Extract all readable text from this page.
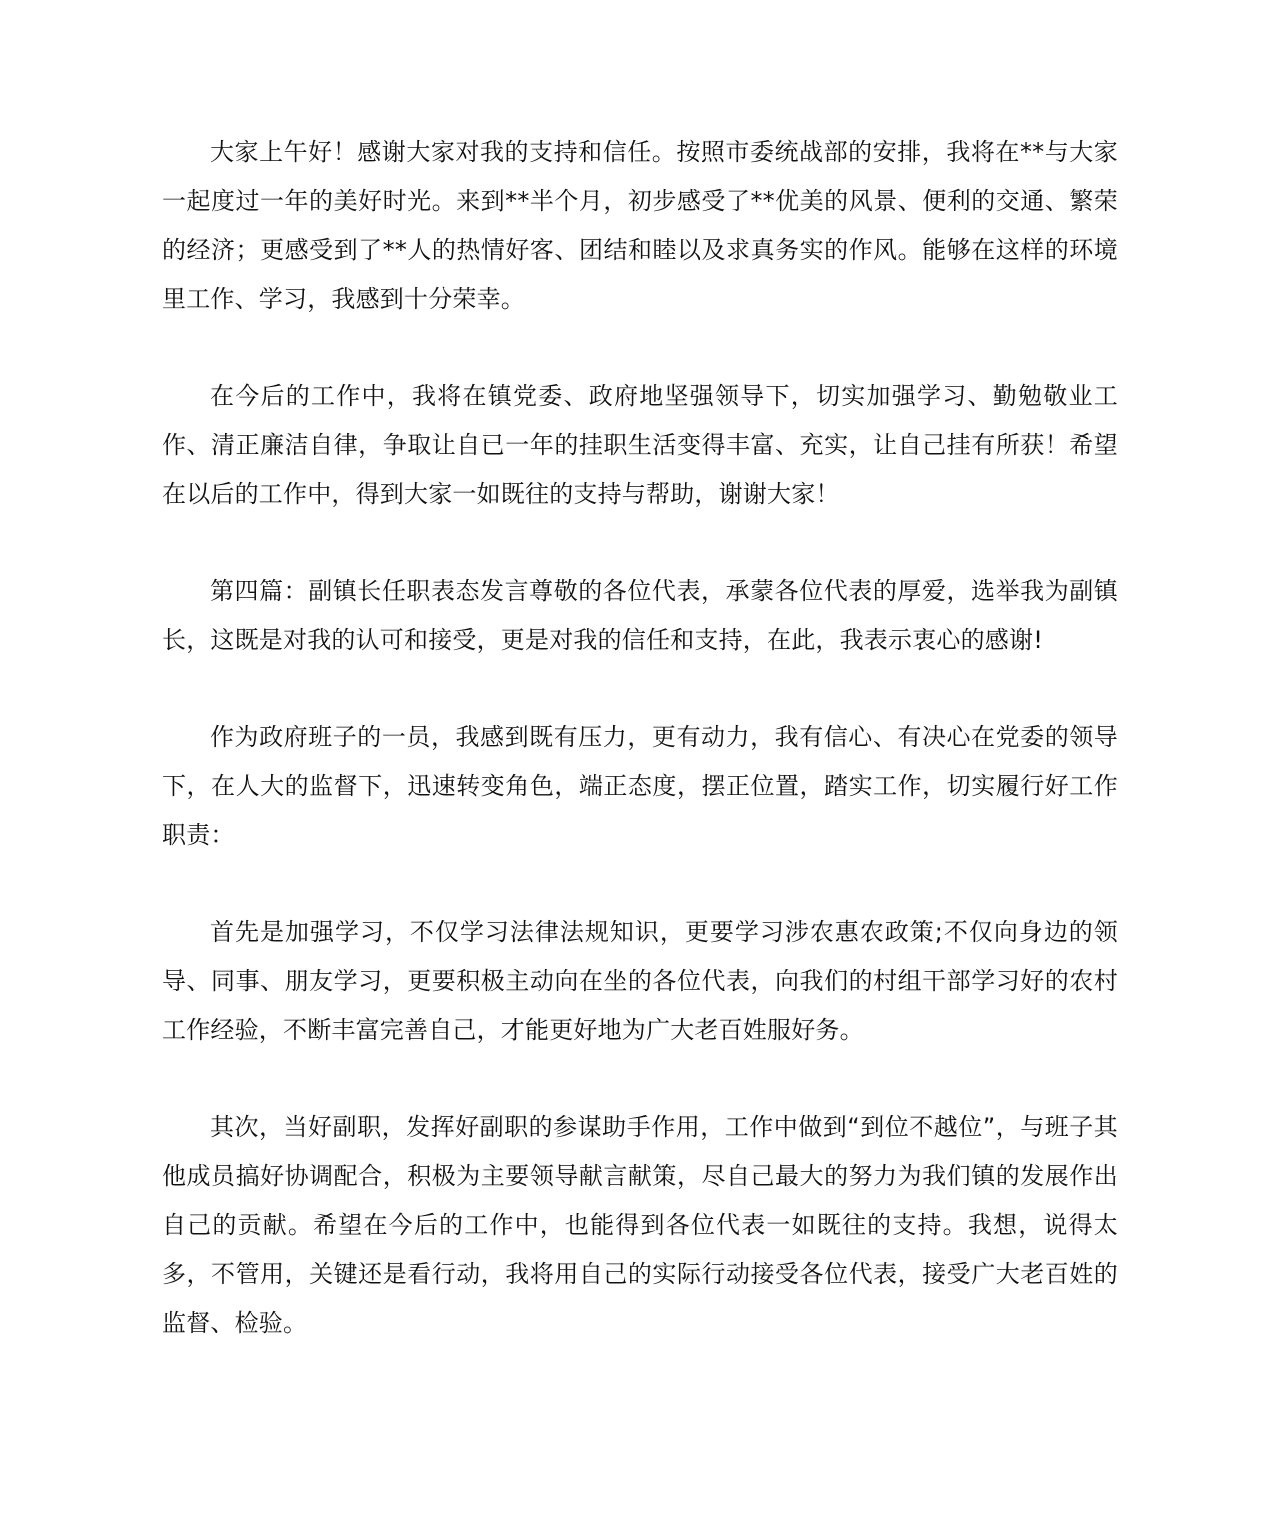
大家上午好！感谢大家对我的支持和信任。按照市委统战部的安排，我将在**与大家一起度过一年的美好时光。来到**半个月，初步感受了**优美的风景、便利的交通、繁荣的经济；更感受到了**人的热情好客、团结和睦以及求真务实的作风。能够在这样的环境里工作、学习，我感到十分荣幸。

在今后的工作中，我将在镇党委、政府地坚强领导下，切实加强学习、勤勉敬业工作、清正廉洁自律，争取让自已一年的挂职生活变得丰富、充实，让自己挂有所获！希望在以后的工作中，得到大家一如既往的支持与帮助，谢谢大家！

第四篇：副镇长任职表态发言尊敬的各位代表，承蒙各位代表的厚爱，选举我为副镇长，这既是对我的认可和接受，更是对我的信任和支持，在此，我表示衷心的感谢!

作为政府班子的一员，我感到既有压力，更有动力，我有信心、有决心在党委的领导下，在人大的监督下，迅速转变角色，端正态度，摆正位置，踏实工作，切实履行好工作职责：

首先是加强学习，不仅学习法律法规知识，更要学习涉农惠农政策;不仅向身边的领导、同事、朋友学习，更要积极主动向在坐的各位代表，向我们的村组干部学习好的农村工作经验，不断丰富完善自己，才能更好地为广大老百姓服好务。

其次，当好副职，发挥好副职的参谋助手作用，工作中做到“到位不越位”，与班子其他成员搞好协调配合，积极为主要领导献言献策，尽自己最大的努力为我们镇的发展作出自己的贡献。希望在今后的工作中，也能得到各位代表一如既往的支持。我想，说得太多，不管用，关键还是看行动，我将用自己的实际行动接受各位代表，接受广大老百姓的监督、检验。
